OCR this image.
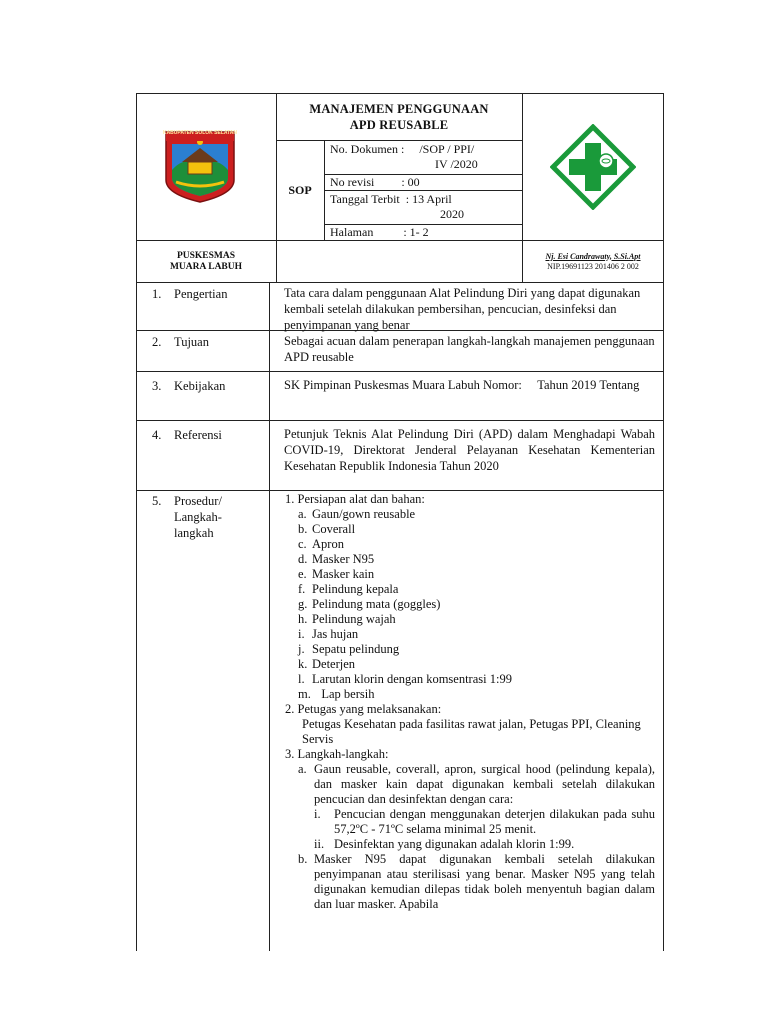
KABUPATEN SOLOK SELATAN
MANAJEMEN PENGGUNAAN
APD REUSABLE
SOP
No. Dokumen :     /SOP / PPI/
IV /2020
No revisi         : 00
Tanggal Terbit  : 13 April
2020
Halaman          : 1- 2
PUSKESMAS
MUARA LABUH
Nj. Esi Candrawaty, S.Si.Apt
NIP.19691123 201406 2 002
1.	Pengertian	Tata cara dalam penggunaan Alat Pelindung Diri yang dapat digunakan kembali setelah dilakukan pembersihan, pencucian, desinfeksi dan penyimpanan yang benar
2.	Tujuan	Sebagai acuan dalam penerapan langkah-langkah manajemen penggunaan APD reusable
3.	Kebijakan	SK Pimpinan Puskesmas Muara Labuh Nomor:     Tahun 2019 Tentang
4.	Referensi	Petunjuk Teknis Alat Pelindung Diri (APD) dalam Menghadapi Wabah COVID-19, Direktorat Jenderal Pelayanan Kesehatan Kementerian Kesehatan Republik Indonesia Tahun 2020
5.	Prosedur/
Langkah-
langkah
1. Persiapan alat dan bahan:
a. Gaun/gown reusable
b. Coverall
c. Apron
d. Masker N95
e. Masker kain
f. Pelindung kepala
g. Pelindung mata (goggles)
h. Pelindung wajah
i. Jas hujan
j. Sepatu pelindung
k. Deterjen
l. Larutan klorin dengan komsentrasi 1:99
m. Lap bersih
2. Petugas yang melaksanakan:
Petugas Kesehatan pada fasilitas rawat jalan, Petugas PPI, Cleaning Servis
3. Langkah-langkah:
a. Gaun reusable, coverall, apron, surgical hood (pelindung kepala), dan masker kain dapat digunakan kembali setelah dilakukan pencucian dan desinfektan dengan cara:
i.	Pencucian dengan menggunakan deterjen dilakukan pada suhu 57,2ºC - 71ºC selama minimal 25 menit.
ii. Desinfektan yang digunakan adalah klorin 1:99.
b. Masker N95 dapat digunakan kembali setelah dilakukan penyimpanan atau sterilisasi yang benar. Masker N95 yang telah digunakan kemudian dilepas tidak boleh menyentuh bagian dalam dan luar masker. Apabila
